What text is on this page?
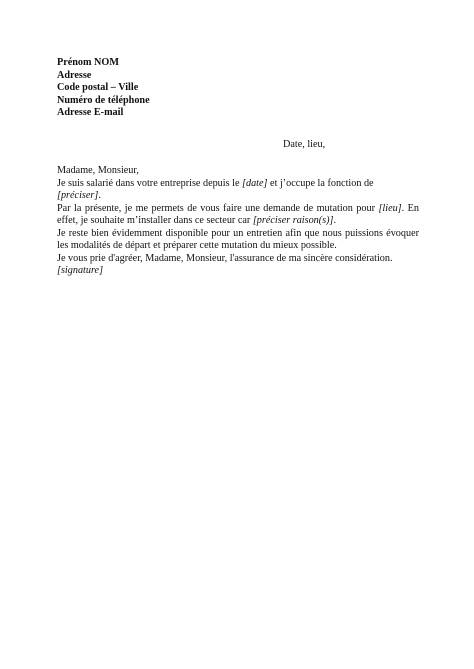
Prénom NOM
Adresse
Code postal – Ville
Numéro de téléphone
Adresse E-mail
Date, lieu,

Madame, Monsieur,

Je suis salarié dans votre entreprise depuis le [date] et j’occupe la fonction de [préciser].

Par la présente, je me permets de vous faire une demande de mutation pour [lieu]. En effet, je souhaite m’installer dans ce secteur car [préciser raison(s)].

Je reste bien évidemment disponible pour un entretien afin que nous puissions évoquer les modalités de départ et préparer cette mutation du mieux possible.

Je vous prie d'agréer, Madame, Monsieur, l'assurance de ma sincère considération.

[signature]
